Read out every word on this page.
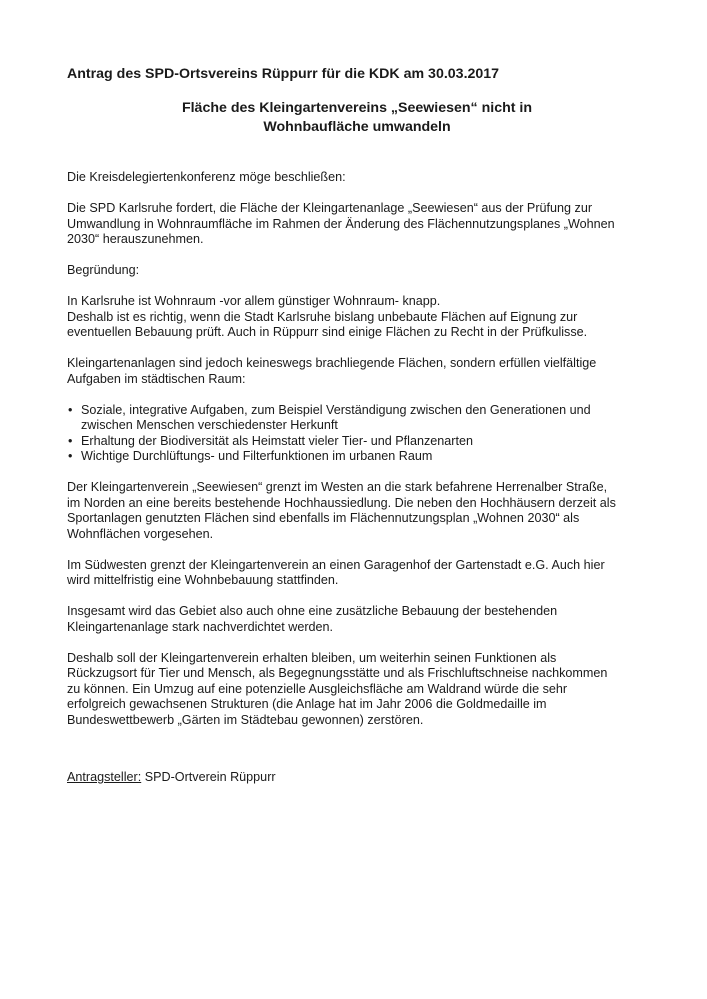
Antrag des SPD-Ortsvereins Rüppurr für die KDK am 30.03.2017

Fläche des Kleingartenvereins „Seewiesen“ nicht in
Wohnbaufläche umwandeln

Die Kreisdelegiertenkonferenz möge beschließen:

Die SPD Karlsruhe fordert, die Fläche der Kleingartenanlage „Seewiesen“ aus der Prüfung zur
Umwandlung in Wohnraumfläche im Rahmen der Änderung des Flächennutzungsplanes „Wohnen
2030“ herauszunehmen.

Begründung:

In Karlsruhe ist Wohnraum -vor allem günstiger Wohnraum- knapp.
Deshalb ist es richtig, wenn die Stadt Karlsruhe bislang unbebaute Flächen auf Eignung zur
eventuellen Bebauung prüft. Auch in Rüppurr sind einige Flächen zu Recht in der Prüfkulisse.

Kleingartenanlagen sind jedoch keineswegs brachliegende Flächen, sondern erfüllen vielfältige
Aufgaben im städtischen Raum:

• Soziale, integrative Aufgaben, zum Beispiel Verständigung zwischen den Generationen und
zwischen Menschen verschiedenster Herkunft
• Erhaltung der Biodiversität als Heimstatt vieler Tier- und Pflanzenarten
• Wichtige Durchlüftungs- und Filterfunktionen im urbanen Raum

Der Kleingartenverein „Seewiesen“ grenzt im Westen an die stark befahrene Herrenalber Straße,
im Norden an eine bereits bestehende Hochhaussiedlung. Die neben den Hochhäusern derzeit als
Sportanlagen genutzten Flächen sind ebenfalls im Flächennutzungsplan „Wohnen 2030“ als
Wohnflächen vorgesehen.

Im Südwesten grenzt der Kleingartenverein an einen Garagenhof der Gartenstadt e.G. Auch hier
wird mittelfristig eine Wohnbebauung stattfinden.

Insgesamt wird das Gebiet also auch ohne eine zusätzliche Bebauung der bestehenden
Kleingartenanlage stark nachverdichtet werden.

Deshalb soll der Kleingartenverein erhalten bleiben, um weiterhin seinen Funktionen als
Rückzugsort für Tier und Mensch, als Begegnungsstätte und als Frischluftschneise nachkommen
zu können. Ein Umzug auf eine potenzielle Ausgleichsfläche am Waldrand würde die sehr
erfolgreich gewachsenen Strukturen (die Anlage hat im Jahr 2006 die Goldmedaille im
Bundeswettbewerb „Gärten im Städtebau gewonnen) zerstören.

Antragsteller: SPD-Ortverein Rüppurr
